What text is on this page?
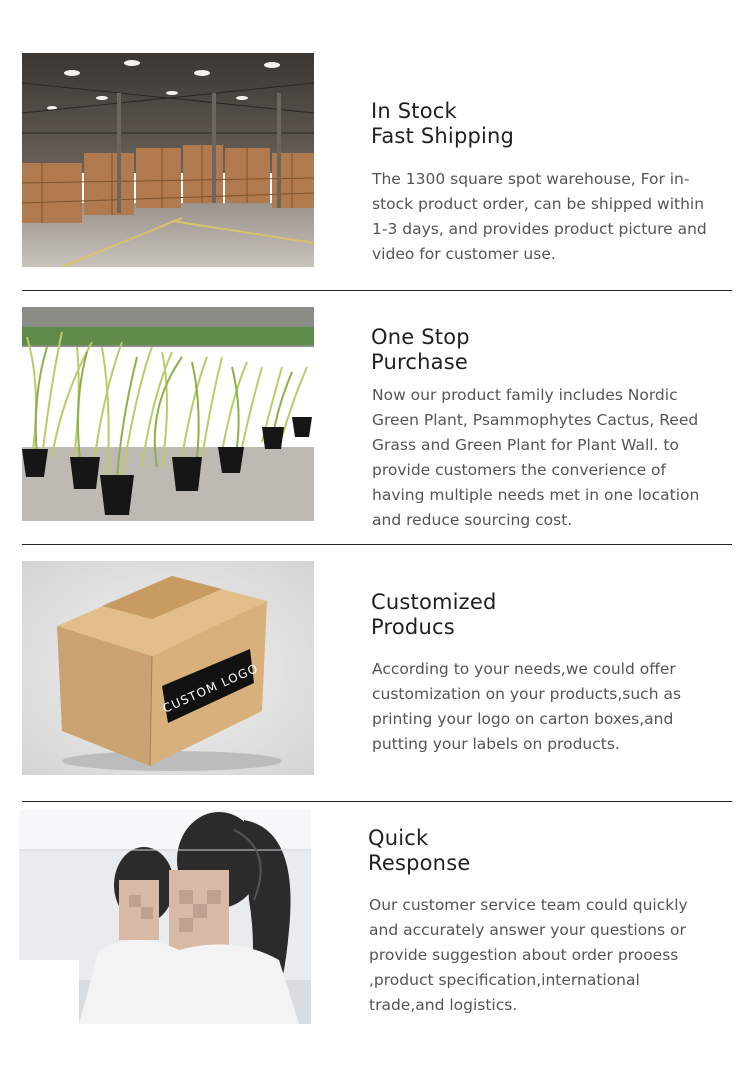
In Stock
Fast Shipping

The 1300 square spot warehouse, For in-stock product order, can be shipped within 1-3 days, and provides product picture and video for customer use.

One Stop
Purchase

Now our product family includes Nordic Green Plant, Psammophytes Cactus, Reed Grass and Green Plant for Plant Wall. to provide customers the converience of having multiple needs met in one location and reduce sourcing cost.

CUSTOM LOGO
Customized
Producs

According to your needs,we could offer customization on your products,such as printing your logo on carton boxes,and putting your labels on products.

Quick
Response

Our customer service team could quickly and accurately answer your questions or provide suggestion about order prooess ,product specification,international trade,and logistics.
